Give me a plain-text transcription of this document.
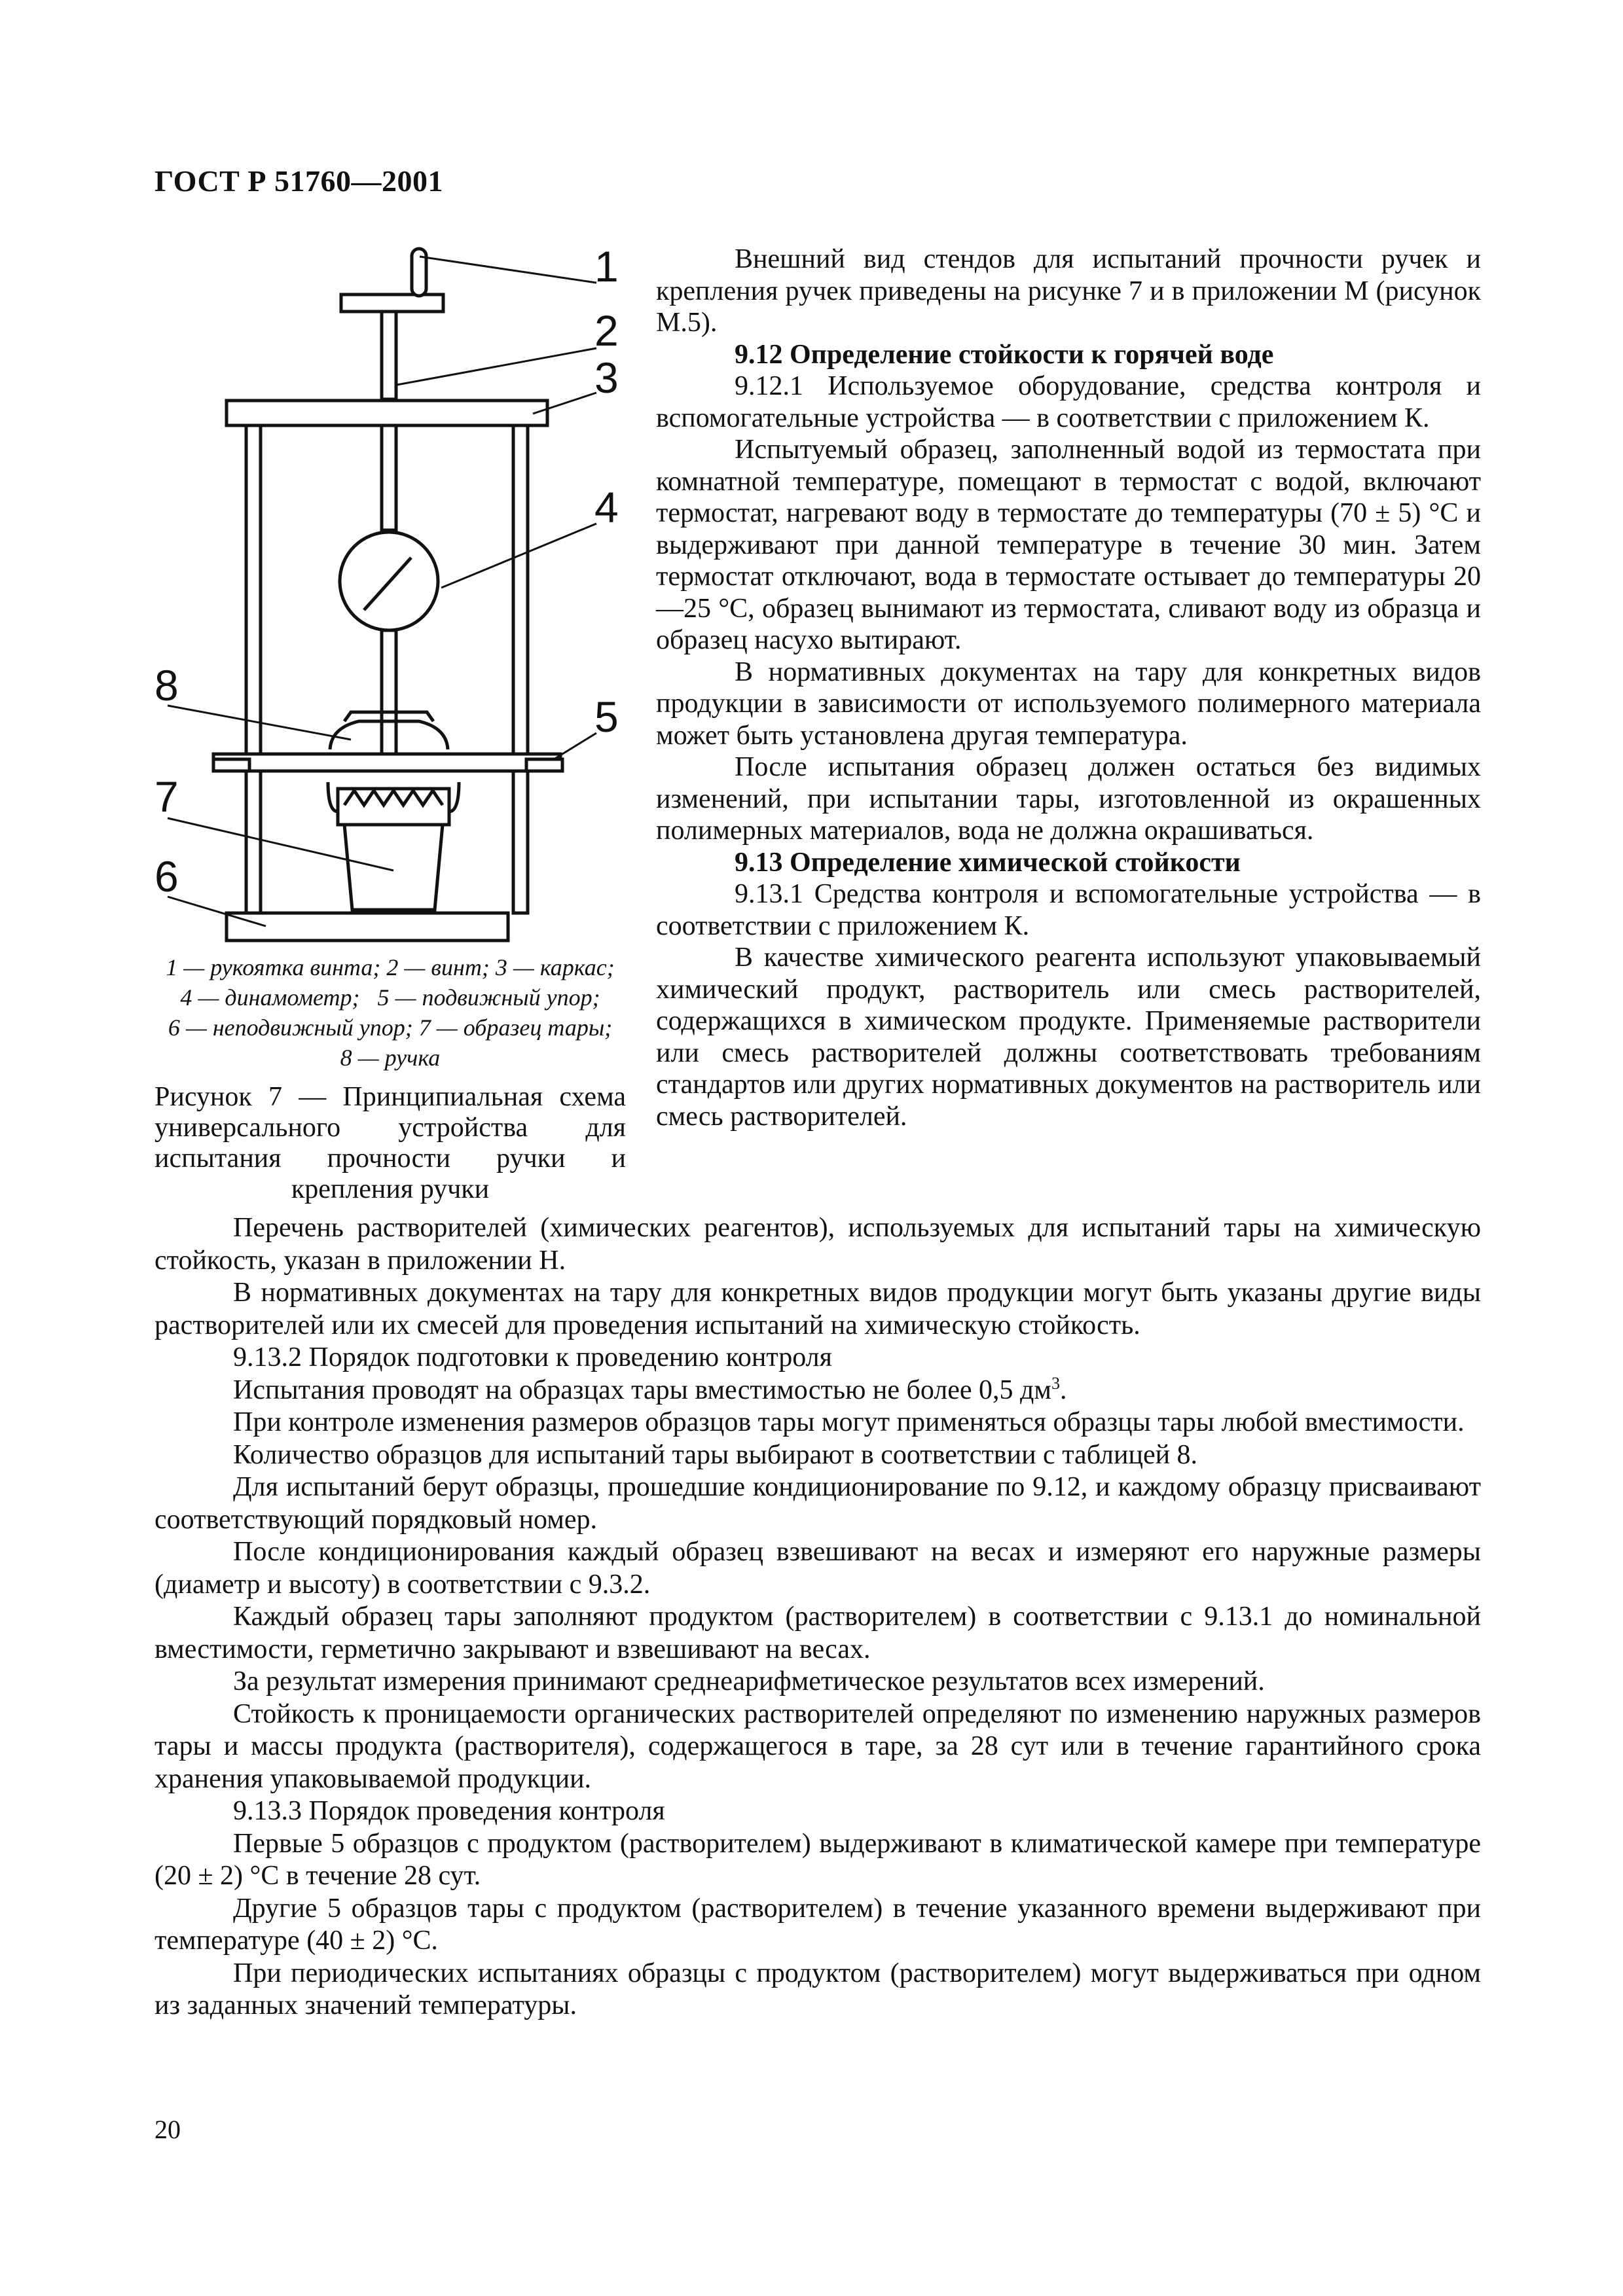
ГОСТ Р 51760—2001
1
2
3
4
5
6
7
8
1 — рукоятка винта; 2 — винт; 3 — каркас;
4 — динамометр;   5 — подвижный упор;
6 — неподвижный упор; 7 — образец тары;
8 — ручка
Рисунок 7 — Принципиальная схема универсального устройства для испытания прочности ручки и крепления ручки

Внешний вид стендов для испытаний прочности ручек и крепления ручек приведены на рисунке 7 и в приложении М (рисунок М.5).

9.12 Определение стойкости к горячей воде

9.12.1 Используемое оборудование, средства контроля и вспомогательные устройства — в соответствии с приложением К.

Испытуемый образец, заполненный водой из термостата при комнатной температуре, помещают в термостат с водой, включают термостат, нагревают воду в термостате до температуры (70 ± 5) °С и выдерживают при данной температуре в течение 30 мин. Затем термостат отключают, вода в термостате остывает до температуры 20—25 °С, образец вынимают из термостата, сливают воду из образца и образец насухо вытирают.

В нормативных документах на тару для конкретных видов продукции в зависимости от используемого полимерного материала может быть установлена другая температура.

После испытания образец должен остаться без видимых изменений, при испытании тары, изготовленной из окрашенных полимерных материалов, вода не должна окрашиваться.

9.13 Определение химической стойкости

9.13.1 Средства контроля и вспомогательные устройства — в соответствии с приложением К.

В качестве химического реагента используют упаковываемый химический продукт, растворитель или смесь растворителей, содержащихся в химическом продукте. Применяемые растворители или смесь растворителей должны соответствовать требованиям стандартов или других нормативных документов на растворитель или смесь растворителей.

Перечень растворителей (химических реагентов), используемых для испытаний тары на химическую стойкость, указан в приложении Н.

В нормативных документах на тару для конкретных видов продукции могут быть указаны другие виды растворителей или их смесей для проведения испытаний на химическую стойкость.

9.13.2 Порядок подготовки к проведению контроля

Испытания проводят на образцах тары вместимостью не более 0,5 $дм^3$.

При контроле изменения размеров образцов тары могут применяться образцы тары любой вместимости.

Количество образцов для испытаний тары выбирают в соответствии с таблицей 8.

Для испытаний берут образцы, прошедшие кондиционирование по 9.12, и каждому образцу присваивают соответствующий порядковый номер.

После кондиционирования каждый образец взвешивают на весах и измеряют его наружные размеры (диаметр и высоту) в соответствии с 9.3.2.

Каждый образец тары заполняют продуктом (растворителем) в соответствии с 9.13.1 до номинальной вместимости, герметично закрывают и взвешивают на весах.

За результат измерения принимают среднеарифметическое результатов всех измерений.

Стойкость к проницаемости органических растворителей определяют по изменению наружных размеров тары и массы продукта (растворителя), содержащегося в таре, за 28 сут или в течение гарантийного срока хранения упаковываемой продукции.

9.13.3 Порядок проведения контроля

Первые 5 образцов с продуктом (растворителем) выдерживают в климатической камере при температуре (20 ± 2) °С в течение 28 сут.

Другие 5 образцов тары с продуктом (растворителем) в течение указанного времени выдерживают при температуре (40 ± 2) °С.

При периодических испытаниях образцы с продуктом (растворителем) могут выдерживаться при одном из заданных значений температуры.

20
